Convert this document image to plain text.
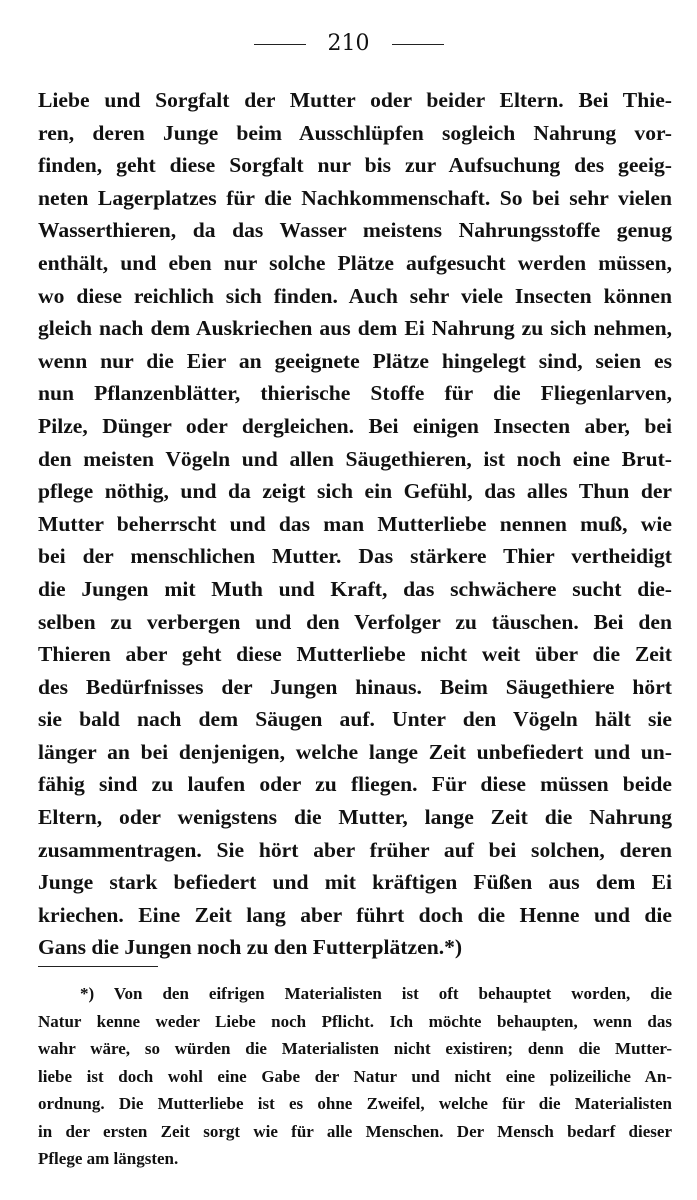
210
Liebe und Sorgfalt der Mutter oder beider Eltern. Bei Thie-
ren, deren Junge beim Ausschlüpfen sogleich Nahrung vor-
finden, geht diese Sorgfalt nur bis zur Aufsuchung des geeig-
neten Lagerplatzes für die Nachkommenschaft. So bei sehr vielen
Wasserthieren, da das Wasser meistens Nahrungsstoffe genug
enthält, und eben nur solche Plätze aufgesucht werden müssen,
wo diese reichlich sich finden. Auch sehr viele Insecten können
gleich nach dem Auskriechen aus dem Ei Nahrung zu sich nehmen,
wenn nur die Eier an geeignete Plätze hingelegt sind, seien es
nun Pflanzenblätter, thierische Stoffe für die Fliegenlarven,
Pilze, Dünger oder dergleichen. Bei einigen Insecten aber, bei
den meisten Vögeln und allen Säugethieren, ist noch eine Brut-
pflege nöthig, und da zeigt sich ein Gefühl, das alles Thun der
Mutter beherrscht und das man Mutterliebe nennen muß, wie
bei der menschlichen Mutter. Das stärkere Thier vertheidigt
die Jungen mit Muth und Kraft, das schwächere sucht die-
selben zu verbergen und den Verfolger zu täuschen. Bei den
Thieren aber geht diese Mutterliebe nicht weit über die Zeit
des Bedürfnisses der Jungen hinaus. Beim Säugethiere hört
sie bald nach dem Säugen auf. Unter den Vögeln hält sie
länger an bei denjenigen, welche lange Zeit unbefiedert und un-
fähig sind zu laufen oder zu fliegen. Für diese müssen beide
Eltern, oder wenigstens die Mutter, lange Zeit die Nahrung
zusammentragen. Sie hört aber früher auf bei solchen, deren
Junge stark befiedert und mit kräftigen Füßen aus dem Ei
kriechen. Eine Zeit lang aber führt doch die Henne und die
Gans die Jungen noch zu den Futterplätzen.*)
*) Von den eifrigen Materialisten ist oft behauptet worden, die
Natur kenne weder Liebe noch Pflicht. Ich möchte behaupten, wenn das
wahr wäre, so würden die Materialisten nicht existiren; denn die Mutter-
liebe ist doch wohl eine Gabe der Natur und nicht eine polizeiliche An-
ordnung. Die Mutterliebe ist es ohne Zweifel, welche für die Materialisten
in der ersten Zeit sorgt wie für alle Menschen. Der Mensch bedarf dieser
Pflege am längsten.
